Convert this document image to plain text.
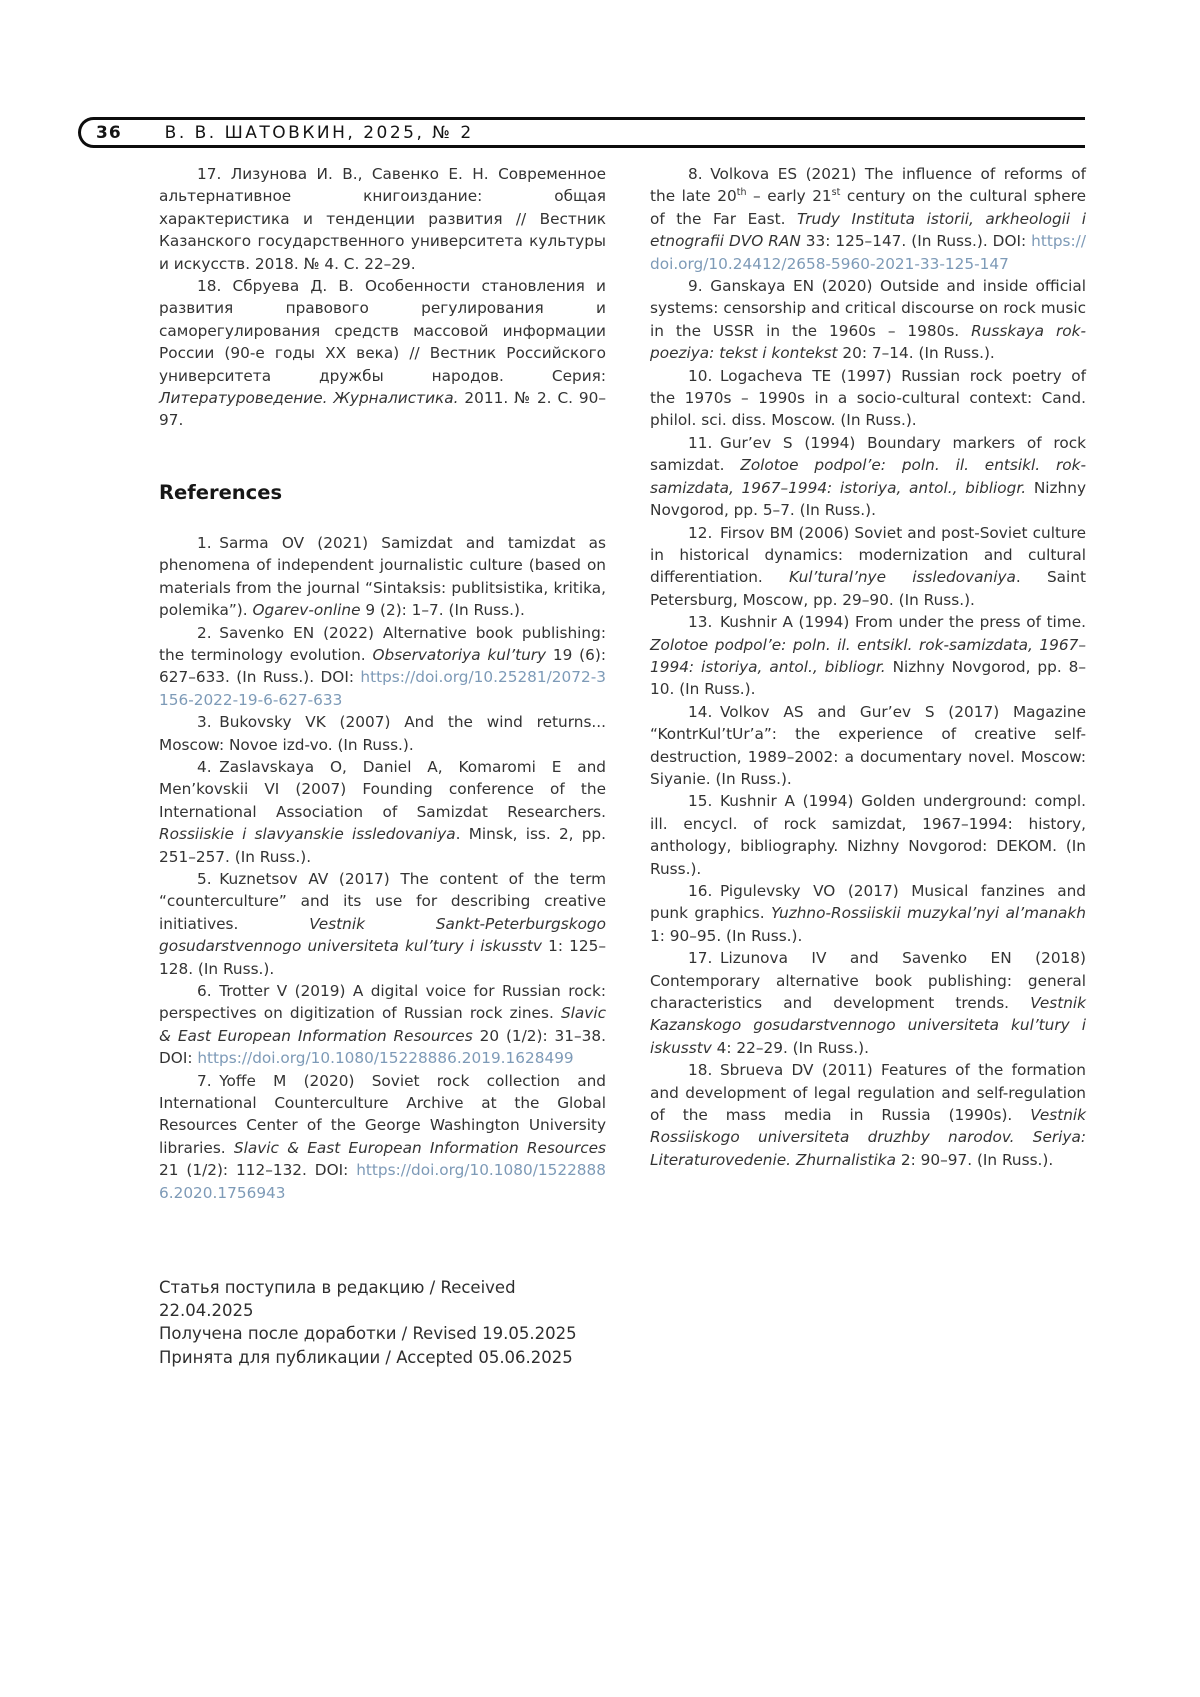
36	В. В. ШАТОВКИН, 2025, № 2

17. Лизунова И. В., Савенко Е. Н. Современное альтернативное книгоиздание: общая характеристика и тенденции развития // Вестник Казанского государственного университета культуры и искусств. 2018. № 4. С. 22–29.

18. Сбруева Д. В. Особенности становления и развития правового регулирования и саморегулирования средств массовой информации России (90-е годы XX века) // Вестник Российского университета дружбы народов. Серия: Литературоведение. Журналистика. 2011. № 2. С. 90–97.

References

1. Sarma OV (2021) Samizdat and tamizdat as phenomena of independent journalistic culture (based on materials from the journal “Sintaksis: publitsistika, kritika, polemika”). Ogarev-online 9 (2): 1–7. (In Russ.).

2. Savenko EN (2022) Alternative book publishing: the terminology evolution. Observatoriya kul’tury 19 (6): 627–633. (In Russ.). DOI: https://doi.org/10.25281/2072-3156-2022-19-6-627-633

3. Bukovsky VK (2007) And the wind returns... Moscow: Novoe izd-vo. (In Russ.).

4. Zaslavskaya O, Daniel A, Komaromi E and Men’kovskii VI (2007) Founding conference of the International Association of Samizdat Researchers. Rossiiskie i slavyanskie issledovaniya. Minsk, iss. 2, pp. 251–257. (In Russ.).

5. Kuznetsov AV (2017) The content of the term “counterculture” and its use for describing creative initiatives. Vestnik Sankt-Peterburgskogo gosudarstvennogo universiteta kul’tury i iskusstv 1: 125–128. (In Russ.).

6. Trotter V (2019) A digital voice for Russian rock: perspectives on digitization of Russian rock zines. Slavic & East European Information Resources 20 (1/2): 31–38. DOI: https://doi.org/10.1080/15228886.2019.1628499

7. Yoffe M (2020) Soviet rock collection and International Counterculture Archive at the Global Resources Center of the George Washington University libraries. Slavic & East European Information Resources 21 (1/2): 112–132. DOI: https://doi.org/10.1080/15228886.2020.1756943

Статья поступила в редакцию / Received 22.04.2025

Получена после доработки / Revised 19.05.2025

Принята для публикации / Accepted 05.06.2025

8. Volkova ES (2021) The influence of reforms of the late 20th – early 21st century on the cultural sphere of the Far East. Trudy Instituta istorii, arkheologii i etnografii DVO RAN 33: 125–147. (In Russ.). DOI: https://doi.org/10.24412/2658-5960-2021-33-125-147

9. Ganskaya EN (2020) Outside and inside official systems: censorship and critical discourse on rock music in the USSR in the 1960s – 1980s. Russkaya rok-poeziya: tekst i kontekst 20: 7–14. (In Russ.).

10. Logacheva TE (1997) Russian rock poetry of the 1970s – 1990s in a socio-cultural context: Cand. philol. sci. diss. Moscow. (In Russ.).

11. Gur’ev S (1994) Boundary markers of rock samizdat. Zolotoe podpol’e: poln. il. entsikl. rok-samizdata, 1967–1994: istoriya, antol., bibliogr. Nizhny Novgorod, pp. 5–7. (In Russ.).

12. Firsov BM (2006) Soviet and post-Soviet culture in historical dynamics: modernization and cultural differentiation. Kul’tural’nye issledovaniya. Saint Petersburg, Moscow, pp. 29–90. (In Russ.).

13. Kushnir A (1994) From under the press of time. Zolotoe podpol’e: poln. il. entsikl. rok-samizdata, 1967–1994: istoriya, antol., bibliogr. Nizhny Novgorod, pp. 8–10. (In Russ.).

14. Volkov AS and Gur’ev S (2017) Magazine “KontrKul’tUr’a”: the experience of creative self-destruction, 1989–2002: a documentary novel. Moscow: Siyanie. (In Russ.).

15. Kushnir A (1994) Golden underground: compl. ill. encycl. of rock samizdat, 1967–1994: history, anthology, bibliography. Nizhny Novgorod: DEKOM. (In Russ.).

16. Pigulevsky VO (2017) Musical fanzines and punk graphics. Yuzhno-Rossiiskii muzykal’nyi al’manakh 1: 90–95. (In Russ.).

17. Lizunova IV and Savenko EN (2018) Contemporary alternative book publishing: general characteristics and development trends. Vestnik Kazanskogo gosudarstvennogo universiteta kul’tury i iskusstv 4: 22–29. (In Russ.).

18. Sbrueva DV (2011) Features of the formation and development of legal regulation and self-regulation of the mass media in Russia (1990s). Vestnik Rossiiskogo universiteta druzhby narodov. Seriya: Literaturovedenie. Zhurnalistika 2: 90–97. (In Russ.).
